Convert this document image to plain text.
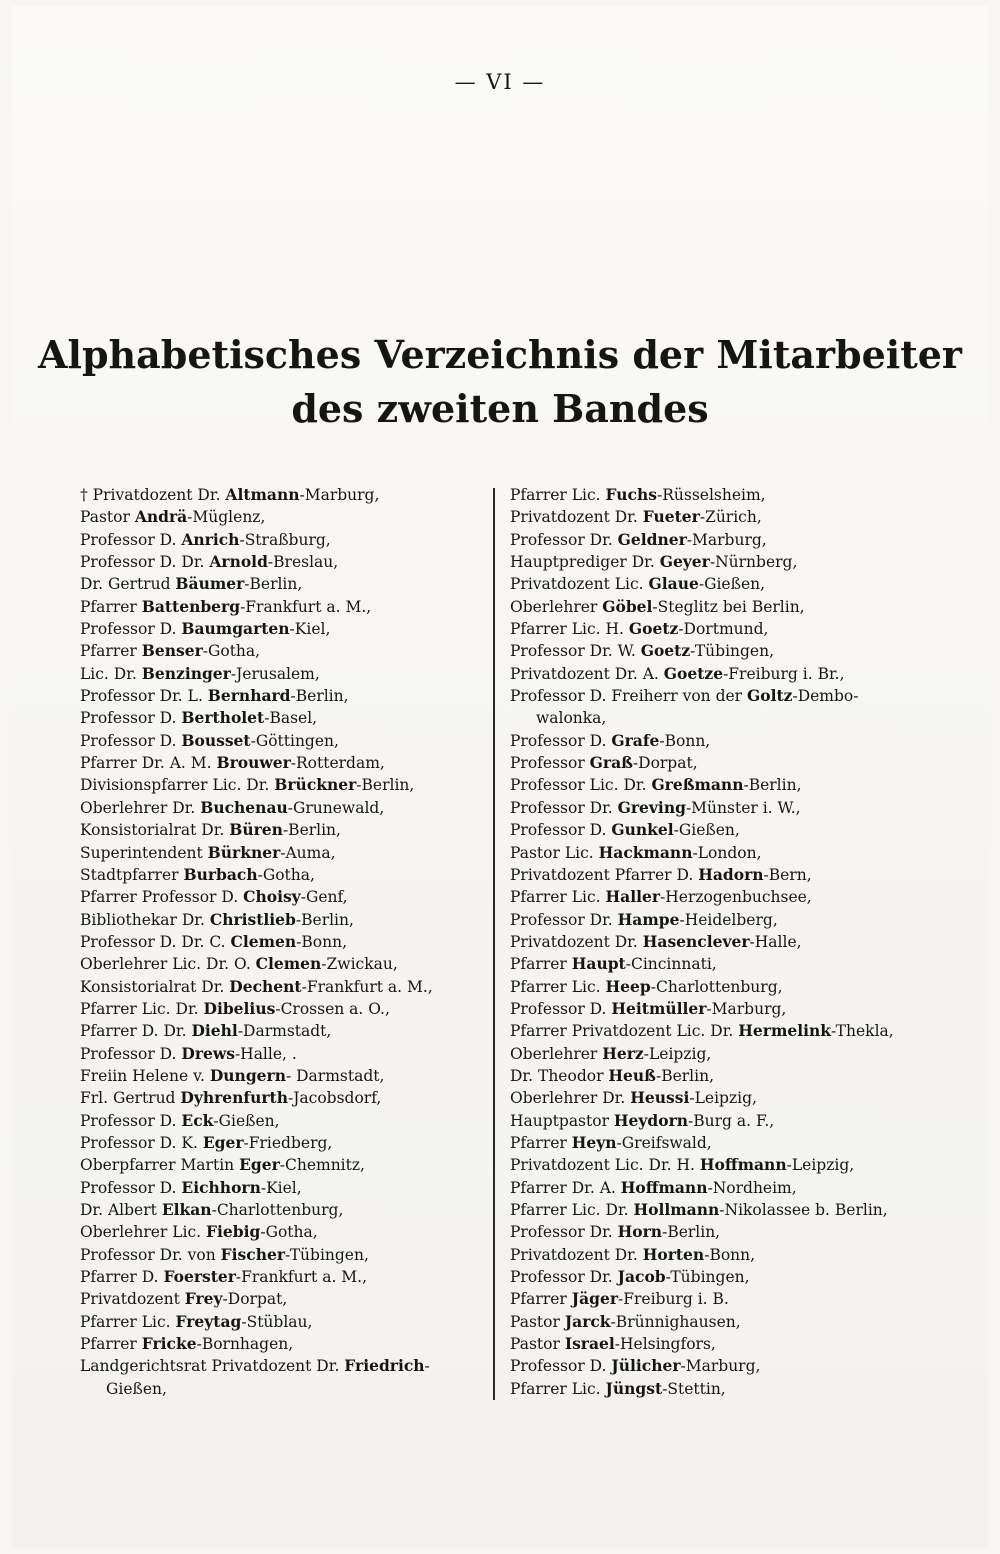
— VI —
Alphabetisches Verzeichnis der Mitarbeiter
des zweiten Bandes
† Privatdozent Dr. Altmann-Marburg,
Pastor Andrä-Müglenz,
Professor D. Anrich-Straßburg,
Professor D. Dr. Arnold-Breslau,
Dr. Gertrud Bäumer-Berlin,
Pfarrer Battenberg-Frankfurt a. M.,
Professor D. Baumgarten-Kiel,
Pfarrer Benser-Gotha,
Lic. Dr. Benzinger-Jerusalem,
Professor Dr. L. Bernhard-Berlin,
Professor D. Bertholet-Basel,
Professor D. Bousset-Göttingen,
Pfarrer Dr. A. M. Brouwer-Rotterdam,
Divisionspfarrer Lic. Dr. Brückner-Berlin,
Oberlehrer Dr. Buchenau-Grunewald,
Konsistorialrat Dr. Büren-Berlin,
Superintendent Bürkner-Auma,
Stadtpfarrer Burbach-Gotha,
Pfarrer Professor D. Choisy-Genf,
Bibliothekar Dr. Christlieb-Berlin,
Professor D. Dr. C. Clemen-Bonn,
Oberlehrer Lic. Dr. O. Clemen-Zwickau,
Konsistorialrat Dr. Dechent-Frankfurt a. M.,
Pfarrer Lic. Dr. Dibelius-Crossen a. O.,
Pfarrer D. Dr. Diehl-Darmstadt,
Professor D. Drews-Halle, .
Freiin Helene v. Dungern- Darmstadt,
Frl. Gertrud Dyhrenfurth-Jacobsdorf,
Professor D. Eck-Gießen,
Professor D. K. Eger-Friedberg,
Oberpfarrer Martin Eger-Chemnitz,
Professor D. Eichhorn-Kiel,
Dr. Albert Elkan-Charlottenburg,
Oberlehrer Lic. Fiebig-Gotha,
Professor Dr. von Fischer-Tübingen,
Pfarrer D. Foerster-Frankfurt a. M.,
Privatdozent Frey-Dorpat,
Pfarrer Lic. Freytag-Stüblau,
Pfarrer Fricke-Bornhagen,
Landgerichtsrat Privatdozent Dr. Friedrich-
Gießen,
Pfarrer Lic. Fuchs-Rüsselsheim,
Privatdozent Dr. Fueter-Zürich,
Professor Dr. Geldner-Marburg,
Hauptprediger Dr. Geyer-Nürnberg,
Privatdozent Lic. Glaue-Gießen,
Oberlehrer Göbel-Steglitz bei Berlin,
Pfarrer Lic. H. Goetz-Dortmund,
Professor Dr. W. Goetz-Tübingen,
Privatdozent Dr. A. Goetze-Freiburg i. Br.,
Professor D. Freiherr von der Goltz-Dembo-
walonka,
Professor D. Grafe-Bonn,
Professor Graß-Dorpat,
Professor Lic. Dr. Greßmann-Berlin,
Professor Dr. Greving-Münster i. W.,
Professor D. Gunkel-Gießen,
Pastor Lic. Hackmann-London,
Privatdozent Pfarrer D. Hadorn-Bern,
Pfarrer Lic. Haller-Herzogenbuchsee,
Professor Dr. Hampe-Heidelberg,
Privatdozent Dr. Hasenclever-Halle,
Pfarrer Haupt-Cincinnati,
Pfarrer Lic. Heep-Charlottenburg,
Professor D. Heitmüller-Marburg,
Pfarrer Privatdozent Lic. Dr. Hermelink-Thekla,
Oberlehrer Herz-Leipzig,
Dr. Theodor Heuß-Berlin,
Oberlehrer Dr. Heussi-Leipzig,
Hauptpastor Heydorn-Burg a. F.,
Pfarrer Heyn-Greifswald,
Privatdozent Lic. Dr. H. Hoffmann-Leipzig,
Pfarrer Dr. A. Hoffmann-Nordheim,
Pfarrer Lic. Dr. Hollmann-Nikolassee b. Berlin,
Professor Dr. Horn-Berlin,
Privatdozent Dr. Horten-Bonn,
Professor Dr. Jacob-Tübingen,
Pfarrer Jäger-Freiburg i. B.
Pastor Jarck-Brünnighausen,
Pastor Israel-Helsingfors,
Professor D. Jülicher-Marburg,
Pfarrer Lic. Jüngst-Stettin,
